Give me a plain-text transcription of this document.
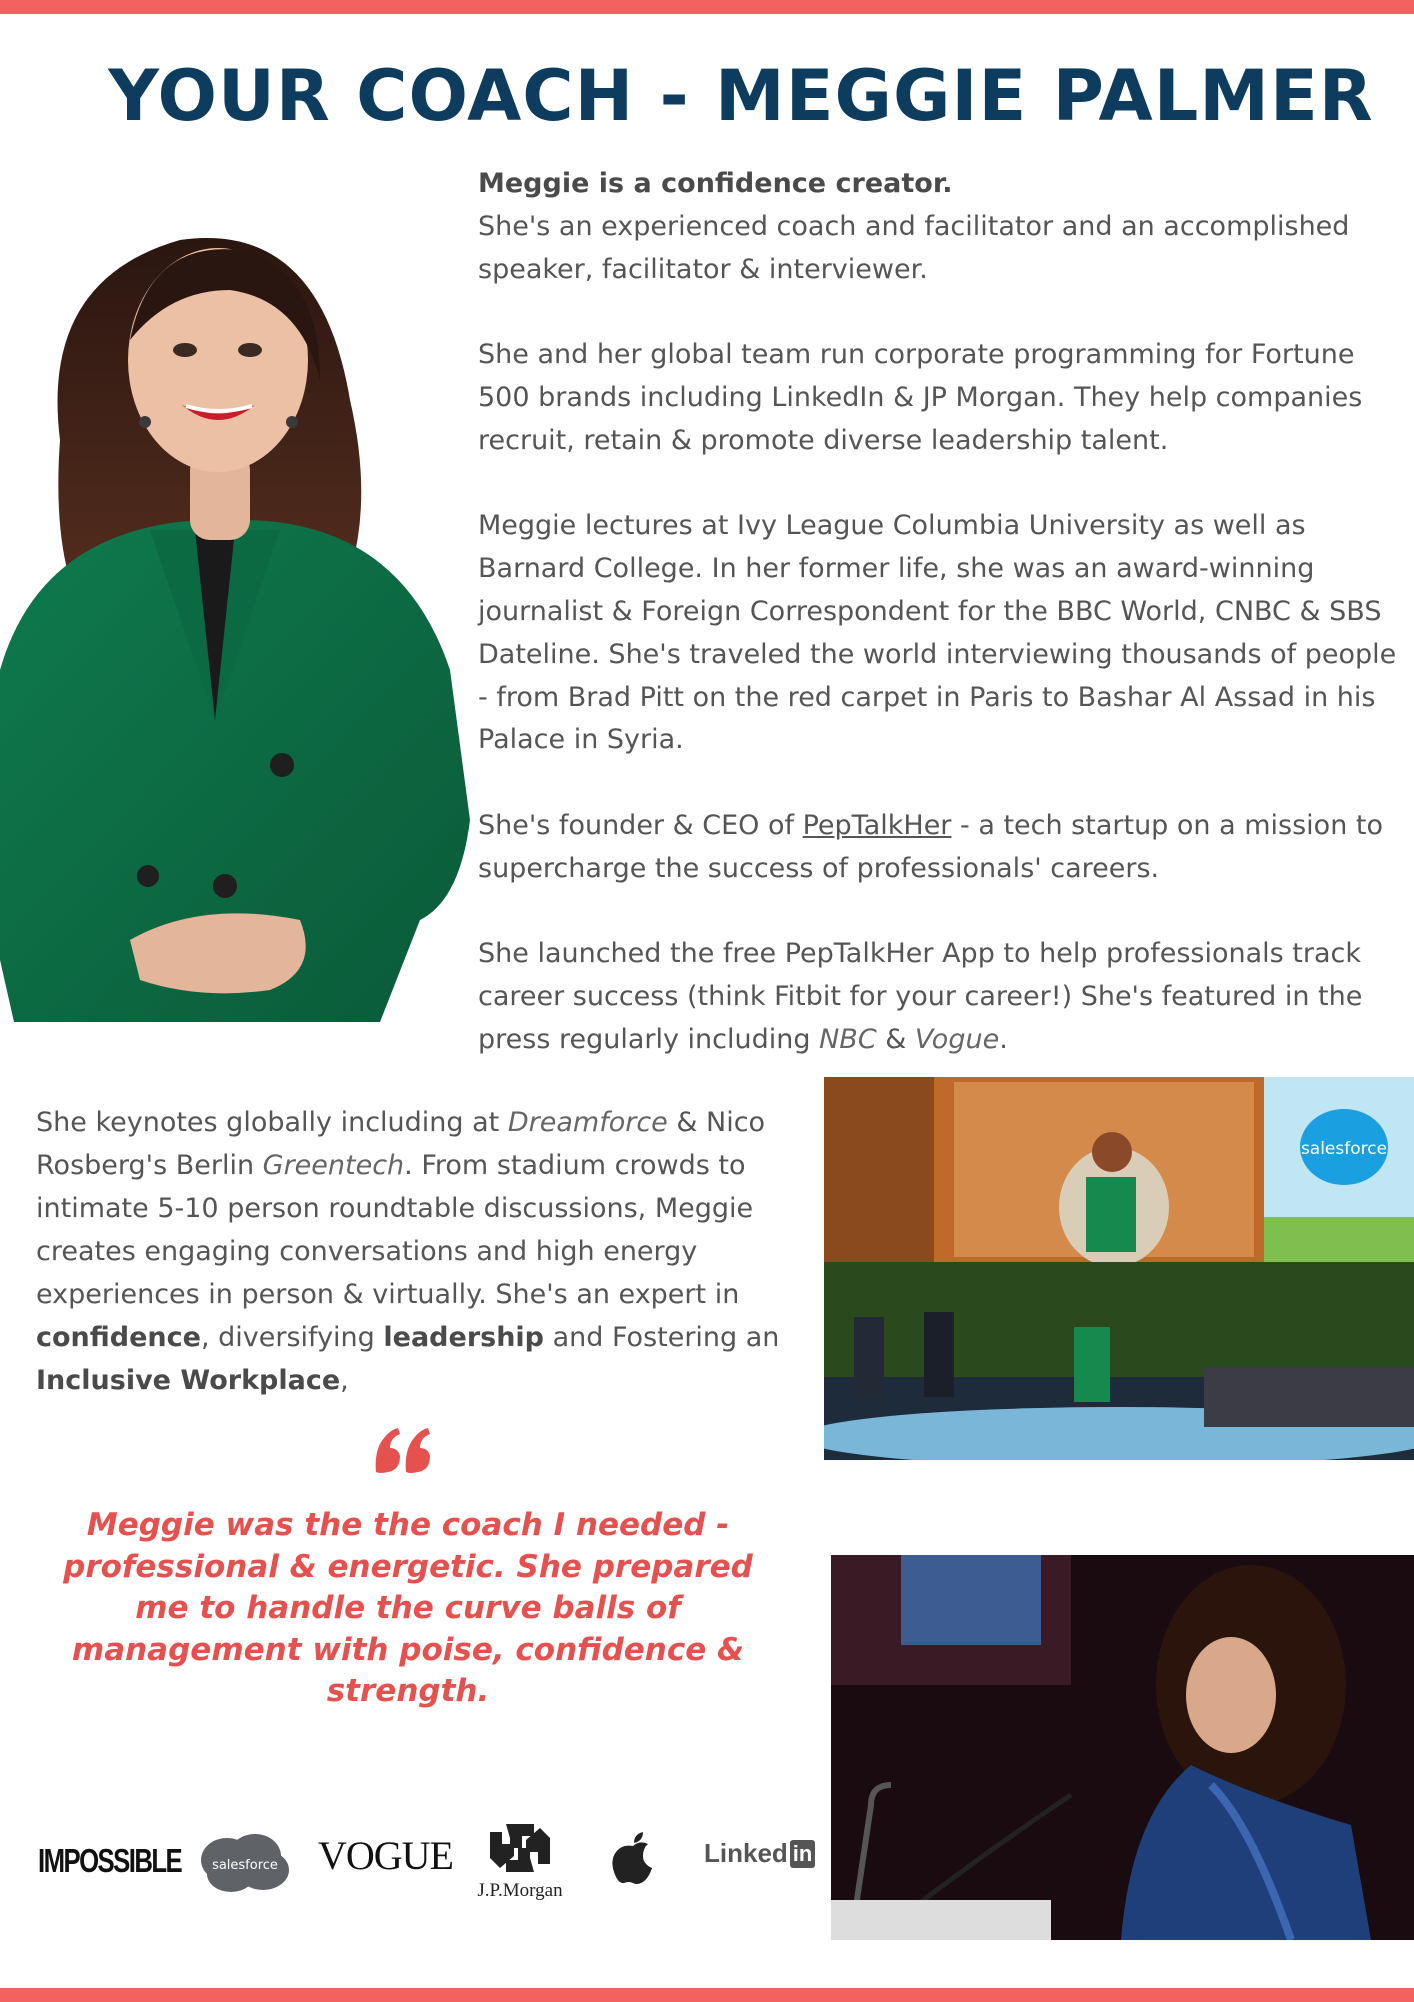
YOUR COACH - MEGGIE PALMER

Meggie is a confidence creator.
She's an experienced coach and facilitator and an accomplished speaker, facilitator & interviewer.

She and her global team run corporate programming for Fortune 500 brands including LinkedIn & JP Morgan. They help companies recruit, retain & promote diverse leadership talent.

Meggie lectures at Ivy League Columbia University as well as Barnard College. In her former life, she was an award-winning journalist & Foreign Correspondent for the BBC World, CNBC & SBS Dateline. She's traveled the world interviewing thousands of people - from Brad Pitt on the red carpet in Paris to Bashar Al Assad in his Palace in Syria.

She's founder & CEO of PepTalkHer - a tech startup on a mission to supercharge the success of professionals' careers.

She launched the free PepTalkHer App to help professionals track career success (think Fitbit for your career!) She's featured in the press regularly including NBC & Vogue.

She keynotes globally including at Dreamforce & Nico Rosberg's Berlin Greentech. From stadium crowds to intimate 5-10 person roundtable discussions, Meggie creates engaging conversations and high energy experiences in person & virtually. She's an expert in confidence, diversifying leadership and Fostering an Inclusive Workplace,

salesforce

Meggie was the the coach I needed - professional & energetic. She prepared me to handle the curve balls of management with poise, confidence & strength.

IMPOSSIBLE salesforce VOGUE
J.P.Morgan
Linked in
